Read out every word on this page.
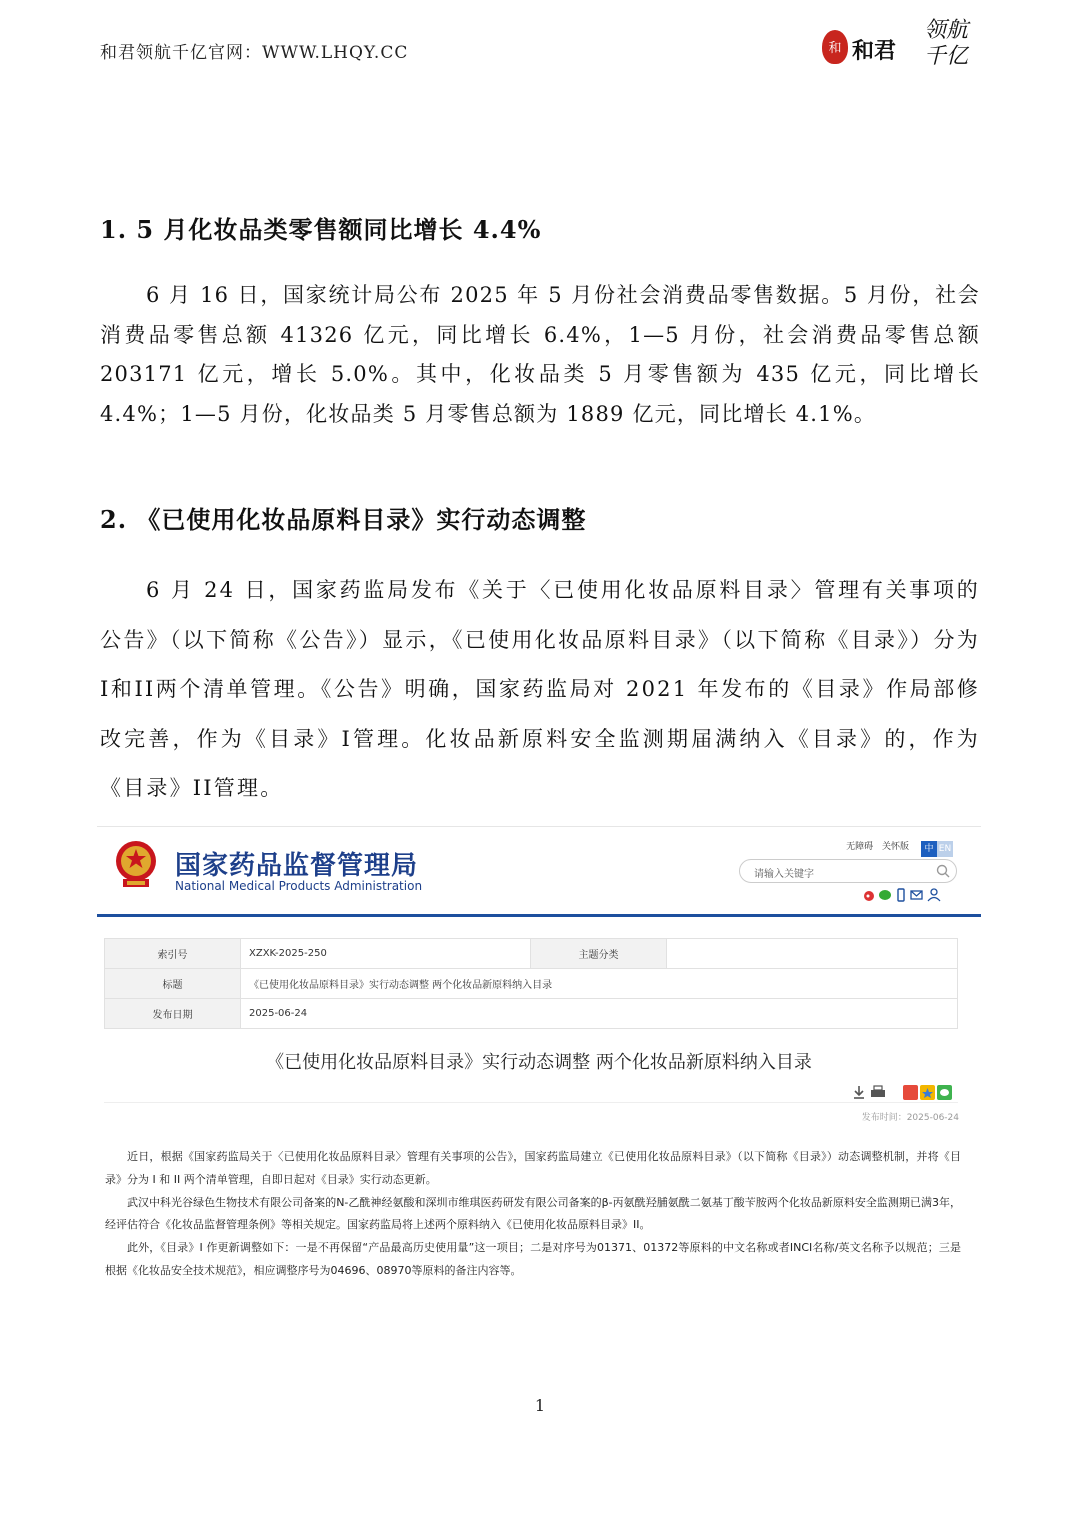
和君领航千亿官网：WWW.LHQY.CC	和 和君
领航千亿
1. 5 月化妆品类零售额同比增长 4.4%
6 月 16 日，国家统计局公布 2025 年 5 月份社会消费品零售数据。5 月份，社会消费品零售总额 41326 亿元，同比增长 6.4%，1—5 月份，社会消费品零售总额 203171 亿元，增长 5.0%。其中，化妆品类 5 月零售额为 435 亿元，同比增长 4.4%；1—5 月份，化妆品类 5 月零售总额为 1889 亿元，同比增长 4.1%。
2. 《已使用化妆品原料目录》实行动态调整
6 月 24 日，国家药监局发布《关于〈已使用化妆品原料目录〉管理有关事项的公告》（以下简称《公告》）显示，《已使用化妆品原料目录》（以下简称《目录》）分为I和II两个清单管理。《公告》明确，国家药监局对 2021 年发布的《目录》作局部修改完善，作为《目录》I管理。化妆品新原料安全监测期届满纳入《目录》的，作为《目录》II管理。
国家药品监督管理局
National Medical Products Administration
无障碍 关怀版	中 EN
请输入关键字
索引号	XZXK-2025-250	主题分类	
标题	《已使用化妆品原料目录》实行动态调整 两个化妆品新原料纳入目录		
发布日期	2025-06-24		
《已使用化妆品原料目录》实行动态调整 两个化妆品新原料纳入目录
发布时间：2025-06-24

近日，根据《国家药监局关于〈已使用化妆品原料目录〉管理有关事项的公告》，国家药监局建立《已使用化妆品原料目录》（以下简称《目录》）动态调整机制，并将《目录》分为 I 和 II 两个清单管理，自即日起对《目录》实行动态更新。

武汉中科光谷绿色生物技术有限公司备案的N-乙酰神经氨酸和深圳市维琪医药研发有限公司备案的β-丙氨酰羟脯氨酰二氨基丁酸苄胺两个化妆品新原料安全监测期已满3年，经评估符合《化妆品监督管理条例》等相关规定。国家药监局将上述两个原料纳入《已使用化妆品原料目录》II。

此外，《目录》I 作更新调整如下：一是不再保留“产品最高历史使用量”这一项目；二是对序号为01371、01372等原料的中文名称或者INCI名称/英文名称予以规范；三是根据《化妆品安全技术规范》，相应调整序号为04696、08970等原料的备注内容等。

1
